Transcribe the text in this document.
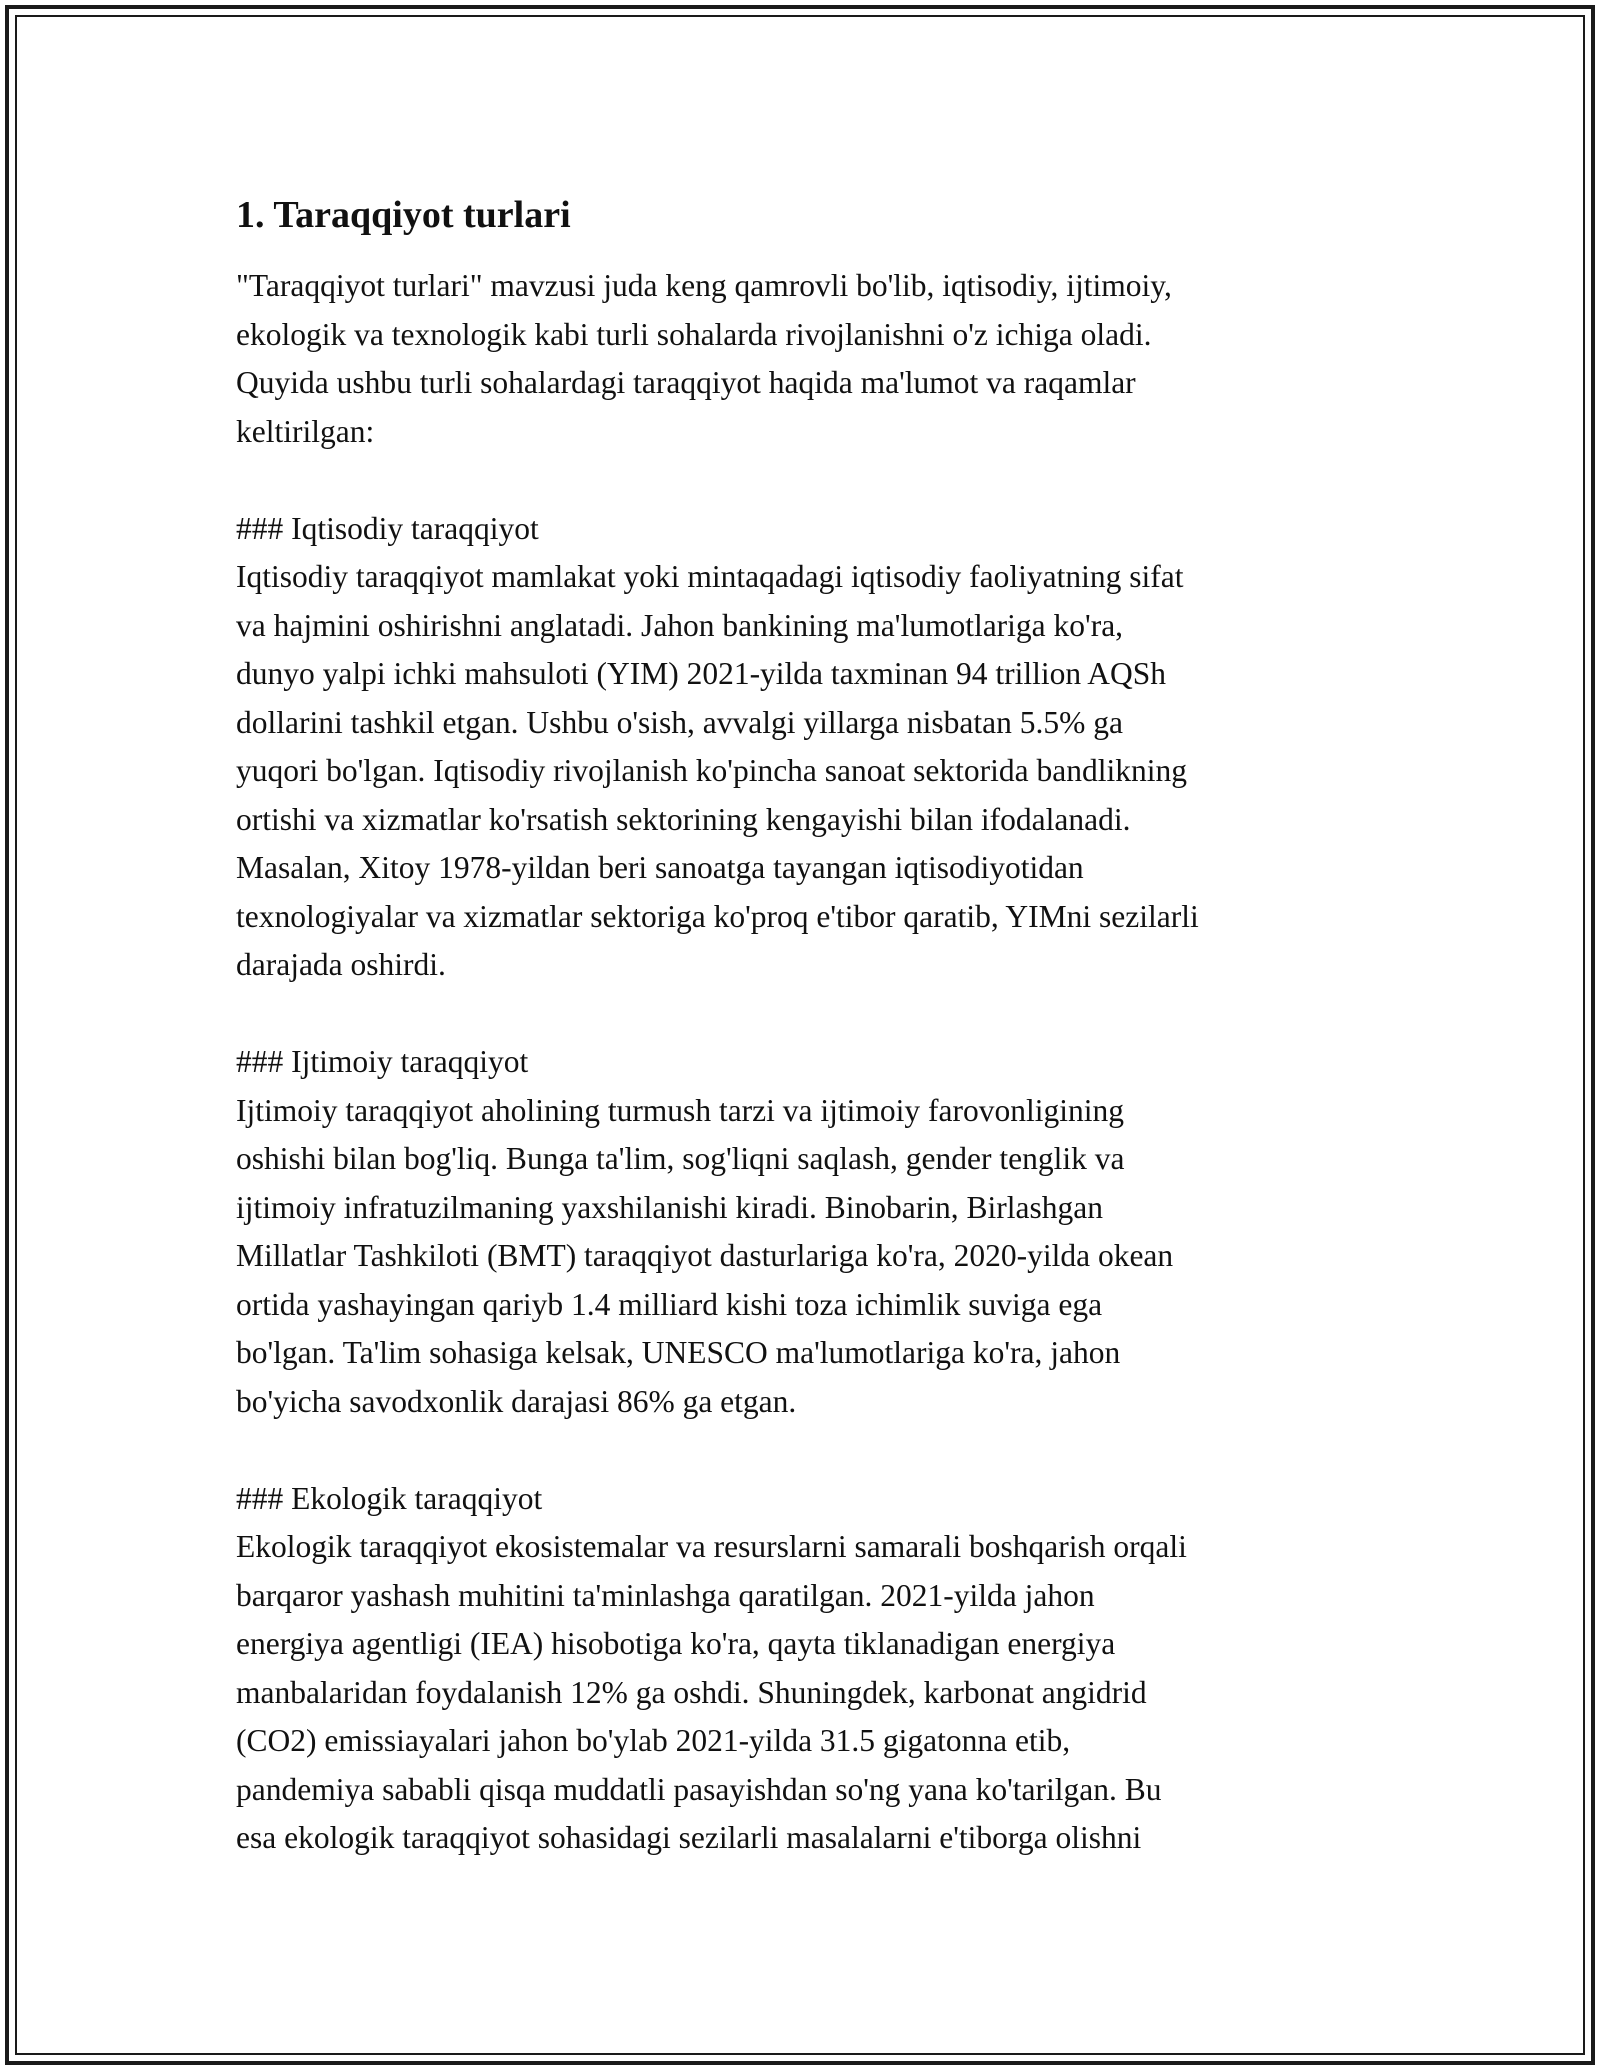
1. Taraqqiyot turlari

"Taraqqiyot turlari" mavzusi juda keng qamrovli bo'lib, iqtisodiy, ijtimoiy,
ekologik va texnologik kabi turli sohalarda rivojlanishni o'z ichiga oladi.
Quyida ushbu turli sohalardagi taraqqiyot haqida ma'lumot va raqamlar
keltirilgan:

### Iqtisodiy taraqqiyot

Iqtisodiy taraqqiyot mamlakat yoki mintaqadagi iqtisodiy faoliyatning sifat
va hajmini oshirishni anglatadi. Jahon bankining ma'lumotlariga ko'ra,
dunyo yalpi ichki mahsuloti (YIM) 2021-yilda taxminan 94 trillion AQSh
dollarini tashkil etgan. Ushbu o'sish, avvalgi yillarga nisbatan 5.5% ga
yuqori bo'lgan. Iqtisodiy rivojlanish ko'pincha sanoat sektorida bandlikning
ortishi va xizmatlar ko'rsatish sektorining kengayishi bilan ifodalanadi.
Masalan, Xitoy 1978-yildan beri sanoatga tayangan iqtisodiyotidan
texnologiyalar va xizmatlar sektoriga ko'proq e'tibor qaratib, YIMni sezilarli
darajada oshirdi.

### Ijtimoiy taraqqiyot

Ijtimoiy taraqqiyot aholining turmush tarzi va ijtimoiy farovonligining
oshishi bilan bog'liq. Bunga ta'lim, sog'liqni saqlash, gender tenglik va
ijtimoiy infratuzilmaning yaxshilanishi kiradi. Binobarin, Birlashgan
Millatlar Tashkiloti (BMT) taraqqiyot dasturlariga ko'ra, 2020-yilda okean
ortida yashayingan qariyb 1.4 milliard kishi toza ichimlik suviga ega
bo'lgan. Ta'lim sohasiga kelsak, UNESCO ma'lumotlariga ko'ra, jahon
bo'yicha savodxonlik darajasi 86% ga etgan.

### Ekologik taraqqiyot

Ekologik taraqqiyot ekosistemalar va resurslarni samarali boshqarish orqali
barqaror yashash muhitini ta'minlashga qaratilgan. 2021-yilda jahon
energiya agentligi (IEA) hisobotiga ko'ra, qayta tiklanadigan energiya
manbalaridan foydalanish 12% ga oshdi. Shuningdek, karbonat angidrid
(CO2) emissiayalari jahon bo'ylab 2021-yilda 31.5 gigatonna etib,
pandemiya sababli qisqa muddatli pasayishdan so'ng yana ko'tarilgan. Bu
esa ekologik taraqqiyot sohasidagi sezilarli masalalarni e'tiborga olishni
